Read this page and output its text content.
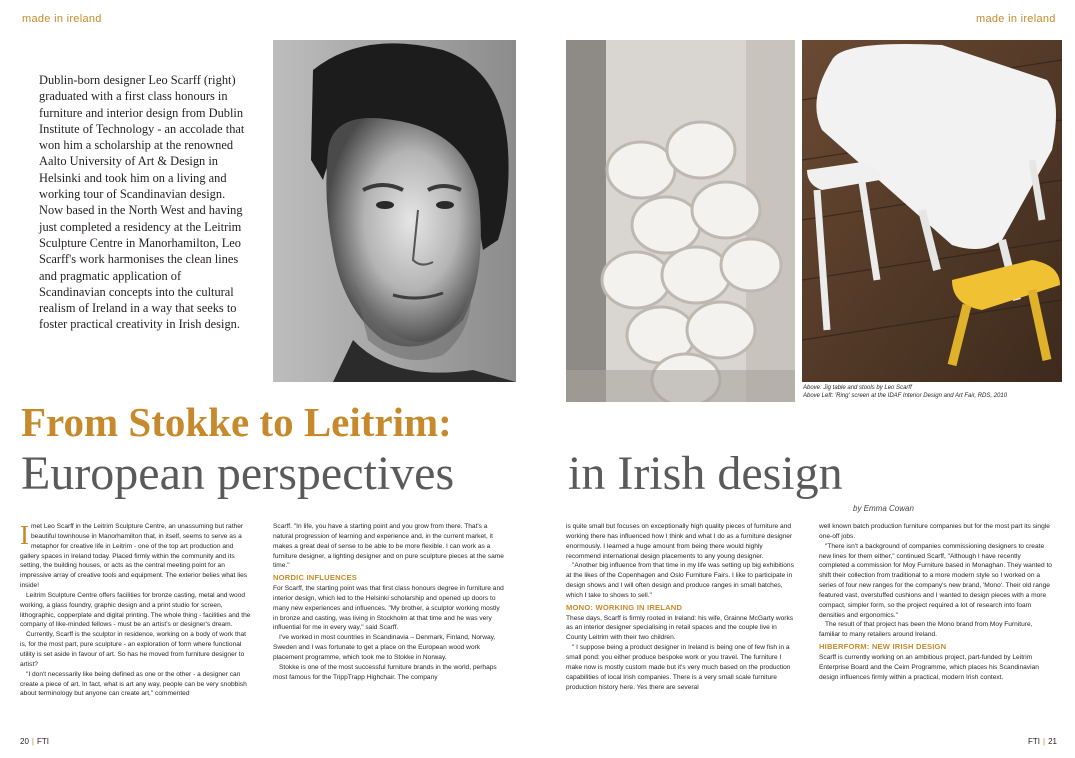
made in ireland	made in ireland
Dublin-born designer Leo Scarff (right) graduated with a first class honours in furniture and interior design from Dublin Institute of Technology - an accolade that won him a scholarship at the renowned Aalto University of Art & Design in Helsinki and took him on a living and working tour of Scandinavian design. Now based in the North West and having just completed a residency at the Leitrim Sculpture Centre in Manorhamilton, Leo Scarff's work harmonises the clean lines and pragmatic application of Scandinavian concepts into the cultural realism of Ireland in a way that seeks to foster practical creativity in Irish design.
Above: Jig table and stools by Leo Scarff
Above Left: 'Ring' screen at the IDAF Interior Design and Art Fair, RDS, 2010
From Stokke to Leitrim:
European perspectives in Irish design
by Emma Cowan
I met Leo Scarff in the Leitrim Sculpture Centre, an unassuming but rather beautiful townhouse in Manorhamilton that, in itself, seems to serve as a metaphor for creative life in Leitrim - one of the top art production and gallery spaces in Ireland today. Placed firmly within the community and its setting, the building houses, or acts as the central meeting point for an impressive array of creative tools and equipment. The exterior belies what lies inside!

Leitrim Sculpture Centre offers facilities for bronze casting, metal and wood working, a glass foundry, graphic design and a print studio for screen, lithographic, copperplate and digital printing. The whole thing - facilities and the company of like-minded fellows - must be an artist's or designer's dream.

Currently, Scarff is the sculptor in residence, working on a body of work that is, for the most part, pure sculpture - an exploration of form where functional utility is set aside in favour of art. So has he moved from furniture designer to artist?

"I don't necessarily like being defined as one or the other - a designer can create a piece of art. In fact, what is art any way, people can be very snobbish about terminology but anyone can create art," commented

Scarff. "In life, you have a starting point and you grow from there. That's a natural progression of learning and experience and, in the current market, it makes a great deal of sense to be able to be more flexible. I can work as a furniture designer, a lighting designer and on pure sculpture pieces at the same time."

NORDIC INFLUENCES

For Scarff, the starting point was that first class honours degree in furniture and interior design, which led to the Helsinki scholarship and opened up doors to many new experiences and influences. "My brother, a sculptor working mostly in bronze and casting, was living in Stockholm at that time and he was very influential for me in every way," said Scarff.

I've worked in most countries in Scandinavia – Denmark, Finland, Norway, Sweden and I was fortunate to get a place on the European wood work placement programme, which took me to Stokke in Norway.

Stokke is one of the most successful furniture brands in the world, perhaps most famous for the TrippTrapp Highchair. The company

is quite small but focuses on exceptionally high quality pieces of furniture and working there has influenced how I think and what I do as a furniture designer enormously. I learned a huge amount from being there would highly recommend international design placements to any young designer.

"Another big influence from that time in my life was setting up big exhibitions at the likes of the Copenhagen and Oslo Furniture Fairs. I like to participate in design shows and I will often design and produce ranges in small batches, which I take to shows to sell."

MONO: WORKING IN IRELAND

These days, Scarff is firmly rooted in Ireland: his wife, Grainne McGarty works as an interior designer specialising in retail spaces and the couple live in County Leitrim with their two children.

" I suppose being a product designer in Ireland is being one of few fish in a small pond: you either produce bespoke work or you travel. The furniture I make now is mostly custom made but it's very much based on the production capabilities of local Irish companies. There is a very small scale furniture production history here. Yes there are several

well known batch production furniture companies but for the most part its single one-off jobs.

"There isn't a background of companies commissioning designers to create new lines for them either," continued Scarff, "Although I have recently completed a commission for Moy Furniture based in Monaghan. They wanted to shift their collection from traditional to a more modern style so I worked on a series of four new ranges for the company's new brand, 'Mono'. Their old range featured vast, overstuffed cushions and I wanted to design pieces with a more compact, simpler form, so the project required a lot of research into foam densities and ergonomics."

The result of that project has been the Mono brand from Moy Furniture, familiar to many retailers around Ireland.

HIBERFORM: NEW IRISH DESIGN

Scarff is currently working on an ambitious project, part-funded by Leitrim Enterprise Board and the Ceim Programme, which places his Scandinavian design influences firmly within a practical, modern Irish context.

20 | FTI	FTI | 21
